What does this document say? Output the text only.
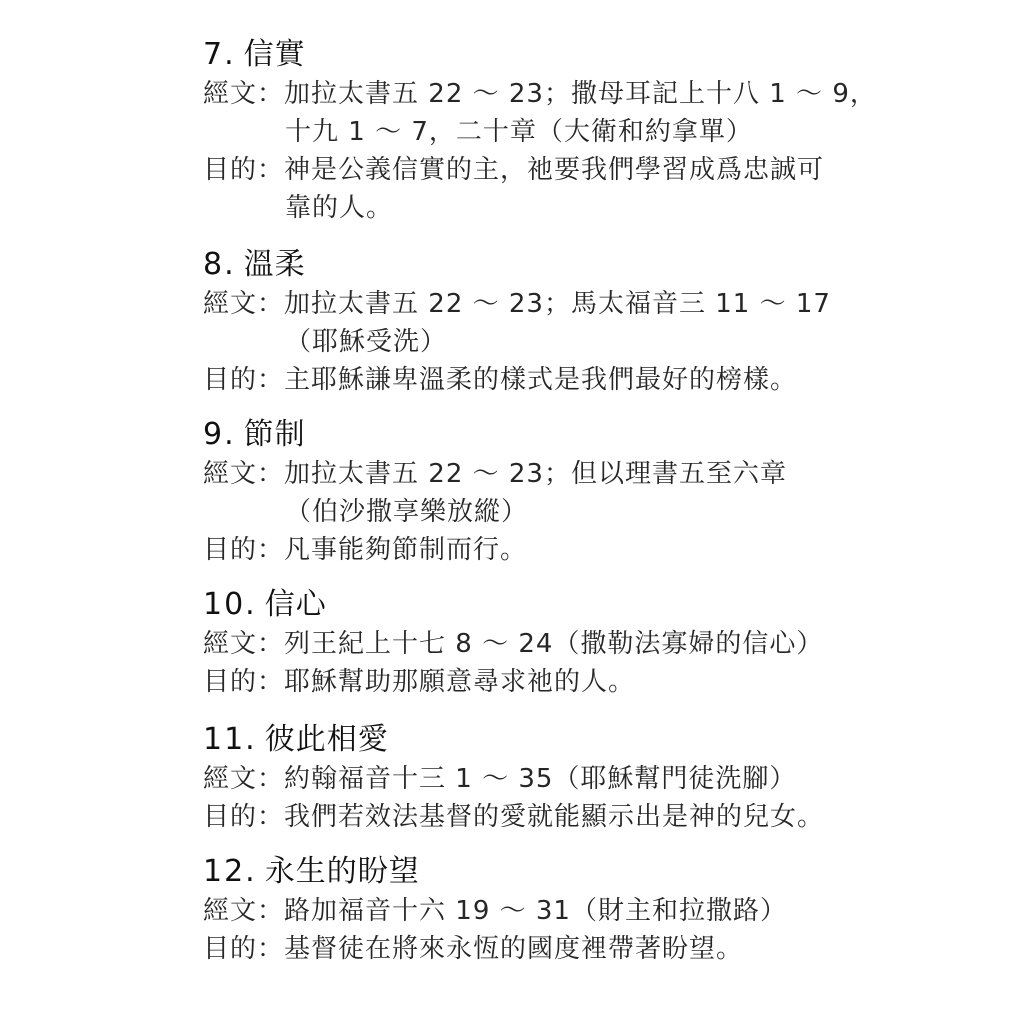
7. 信實
經文：加拉太書五 22 ～ 23；撒母耳記上十八 1 ～ 9，
十九 1 ～ 7，二十章（大衛和約拿單）
目的：神是公義信實的主，祂要我們學習成爲忠誠可
靠的人。
8. 溫柔
經文：加拉太書五 22 ～ 23；馬太福音三 11 ～ 17
（耶穌受洗）
目的：主耶穌謙卑溫柔的樣式是我們最好的榜樣。
9. 節制
經文：加拉太書五 22 ～ 23；但以理書五至六章
（伯沙撒享樂放縱）
目的：凡事能夠節制而行。
10. 信心
經文：列王紀上十七 8 ～ 24（撒勒法寡婦的信心）
目的：耶穌幫助那願意尋求祂的人。
11. 彼此相愛
經文：約翰福音十三 1 ～ 35（耶穌幫門徒洗腳）
目的：我們若效法基督的愛就能顯示出是神的兒女。
12. 永生的盼望
經文：路加福音十六 19 ～ 31（財主和拉撒路）
目的：基督徒在將來永恆的國度裡帶著盼望。
